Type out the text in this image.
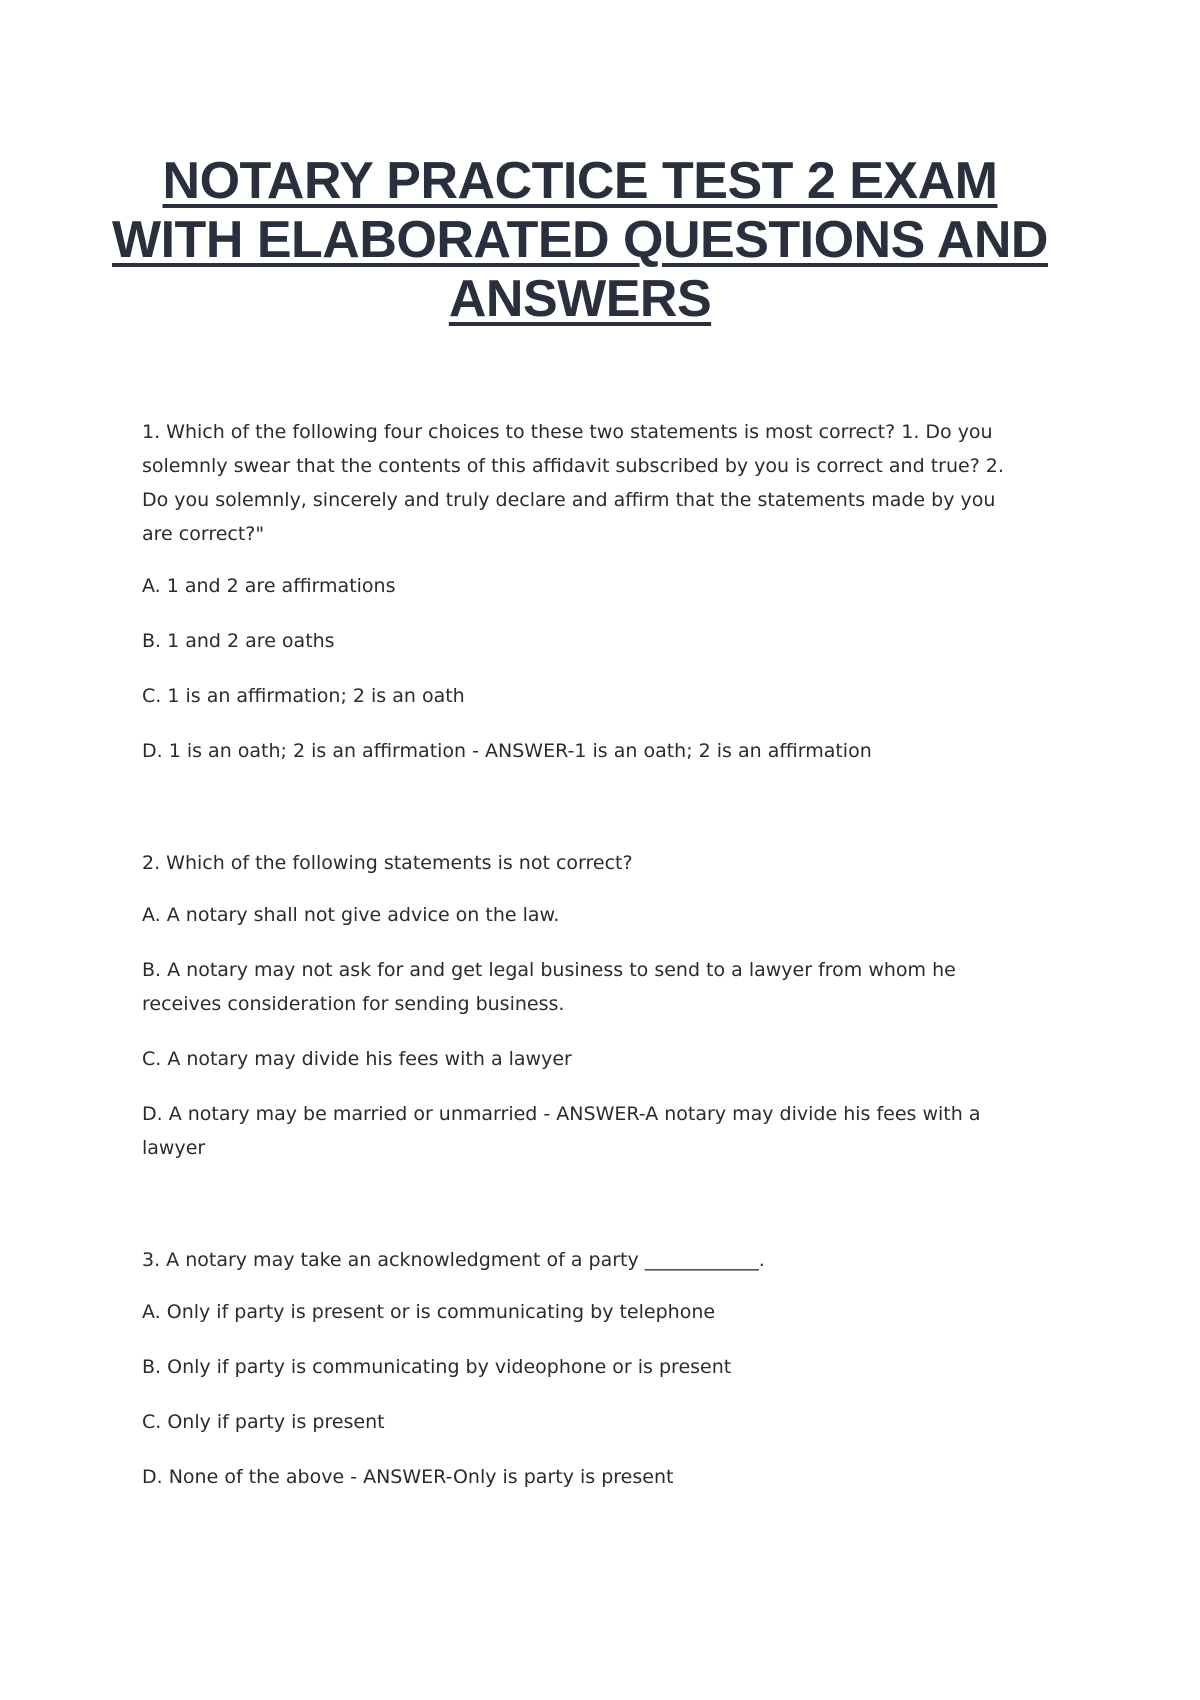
NOTARY PRACTICE TEST 2 EXAM
WITH ELABORATED QUESTIONS AND
ANSWERS

1. Which of the following four choices to these two statements is most correct? 1. Do you solemnly swear that the contents of this affidavit subscribed by you is correct and true? 2. Do you solemnly, sincerely and truly declare and affirm that the statements made by you are correct?"

A. 1 and 2 are affirmations

B. 1 and 2 are oaths

C. 1 is an affirmation; 2 is an oath

D. 1 is an oath; 2 is an affirmation - ANSWER-1 is an oath; 2 is an affirmation

2. Which of the following statements is not correct?

A. A notary shall not give advice on the law.

B. A notary may not ask for and get legal business to send to a lawyer from whom he receives consideration for sending business.

C. A notary may divide his fees with a lawyer

D. A notary may be married or unmarried - ANSWER-A notary may divide his fees with a lawyer

3. A notary may take an acknowledgment of a party ____________.

A. Only if party is present or is communicating by telephone

B. Only if party is communicating by videophone or is present

C. Only if party is present

D. None of the above - ANSWER-Only is party is present
